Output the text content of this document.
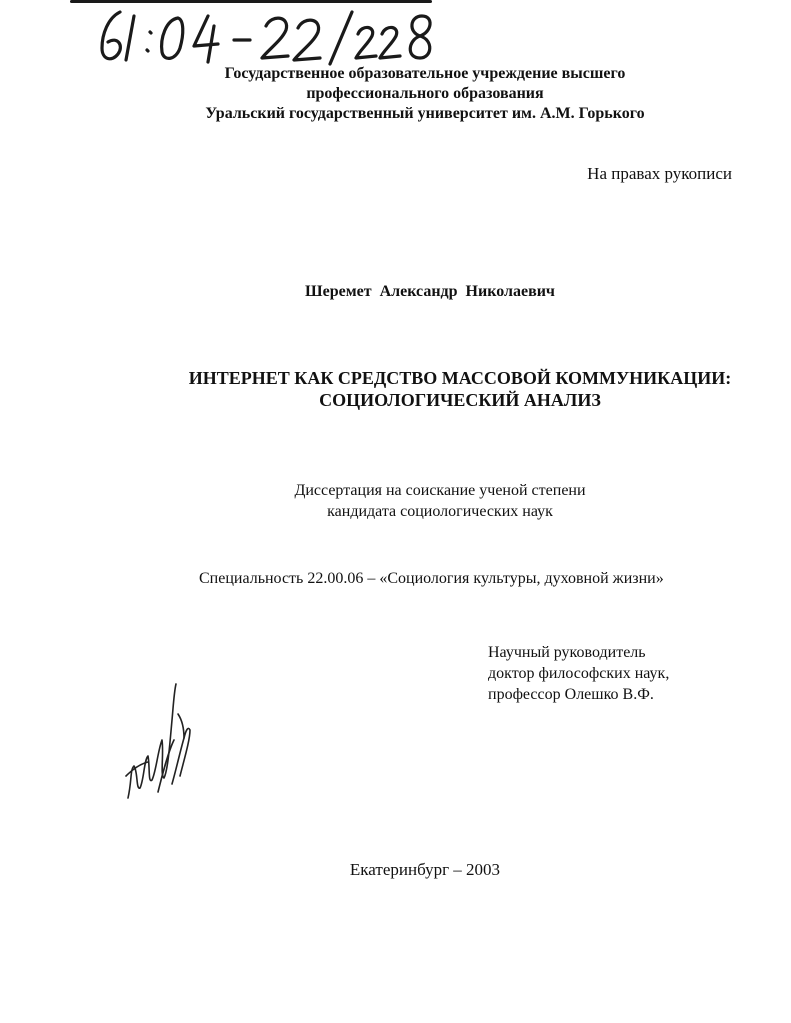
Государственное образовательное учреждение высшего
профессионального образования
Уральский государственный университет им. А.М. Горького
На правах рукописи
Шеремет Александр Николаевич
ИНТЕРНЕТ КАК СРЕДСТВО МАССОВОЙ КОММУНИКАЦИИ:
СОЦИОЛОГИЧЕСКИЙ АНАЛИЗ
Диссертация на соискание ученой степени
кандидата социологических наук
Специальность 22.00.06 – «Социология культуры, духовной жизни»
Научный руководитель
доктор философских наук,
профессор Олешко В.Ф.
Екатеринбург – 2003
